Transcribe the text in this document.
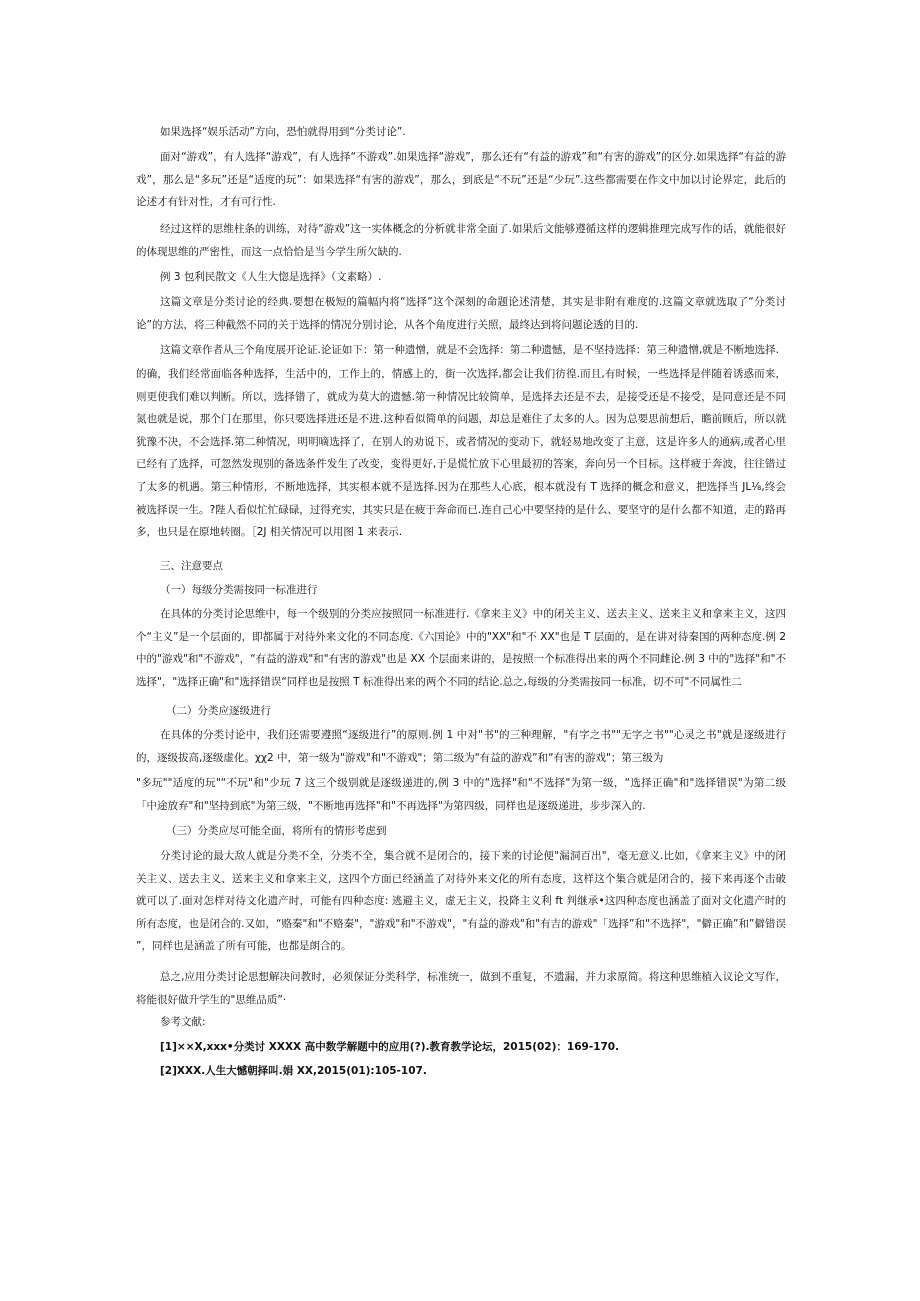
如果选择“娱乐活动”方向，恐怕就得用到“分类讨论”.

面对“游戏”，有人选择“游戏”，有人选择“不游戏”.如果选择“游戏”，那么还有“有益的游戏”和“有害的游戏”的区分.如果选择“有益的游戏”，那么是“多玩”还是“适度的玩”：如果选择“有害的游戏”，那么，到底是“不玩”还是“少玩”.这些都需要在作文中加以讨论界定，此后的论述才有针对性，才有可行性.

经过这样的思维柱条的训练，对待“游戏”这一实体概念的分析就非常全面了.如果后文能够遵循这样的逻辑推理完成写作的话，就能很好的体现思维的严密性，而这一点恰恰是当今学生所欠缺的.

例 3 包利民散文《人生大惚是选择》（文素略）.

这篇文章是分类讨论的经典.要想在极短的篇幅内将“选择”这个深刻的命题论述清楚，其实是非附有难度的.这篇文章就选取了“分类讨论”的方法，将三种截然不同的关于选择的情况分别讨论，从各个角度进行关照，最终达到将问题论透的目的.

这篇文章作者从三个角度展开论证.论证如下：第一种遗憎，就是不会选择：第二种遗憾，是不坚持选择：第三种遗憎,就是不断地选择.

的确，我们经常面临各种选择，生活中的，工作上的，情感上的，街一次选择,都会让我们彷徨.而且,有时候，一些选择是伴随着诱惑而来，则更使我们难以判断。所以，选择错了，就成为莫大的遗憾.第一种情况比较简单，是选择去还是不去，是接受还是不接受，是同意还是不同氮也就是说，那个门在那里，你只要选择进还是不进.这种看似简单的问题，却总是难住了太多的人。因为总要思前想后，瞻前顾后，所以就犹豫不决，不会选择.第二种情况，明明嘀选择了，在别人的劝说下，或者情况的变动下，就轻易地改变了主意，这是许多人的通病,或者心里已经有了选择，可忽然发现别的备选条件发生了改变，变得更好,于是慌忙放下心里最初的答案，奔向另一个目标。这样疲于奔波，往往错过了太多的机遇。第三种情形，不断地选择，其实根本就不是选择.因为在那些人心底，根本就没有 T 选择的概念和意义，把选择当 JL⅛,终会被选择误一生。?陛人看似忙忙碌碌，过得充实，其实只是在疲于奔命而已.连自己心中要坚持的是什么、要坚守的是什么都不知道，走的路再多，也只是在原地转圈。［2J 相关情况可以用图 1 来表示.

三、注意要点

（一）每级分类需按同一标准进行

在具体的分类讨论思维中，每一个级别的分类应按照同一标准进行.《拿来主义》中的闭关主义、送去主义、送来主义和拿来主义，这四个“主义”是一个层面的，即都属于对待外来文化的不同态度.《六国论》中的"XX"和"不 XX"也是 T 层面的，是在讲对待秦国的两种态度.例 2 中的"游戏"和"不游戏"，“有益的游戏"和"有害的游戏"也是 XX 个层面来讲的，是按照一个标准得出来的两个不同雌论.例 3 中的"选择"和"不选择"，"选择正确"和"选择错误“同样也是按照 T 标准得出来的两个不同的结论.总之,每级的分类需按同一标准，切不可"不同属性二

（二）分类应逐级进行

在具体的分类讨论中，我们还需要遵照“逐级进行”的原则.例 1 中对"书"的三种理解，"有字之书""无字之书""心灵之书"就是逐级进行的，逐级拔高,逐级虚化。χχ2 中，第一级为"游戏"和"不游戏"；第二级为"有益的游戏”和“有害的游戏"；第三级为

"多玩""适度的玩"“不玩"和"少玩 7 这三个级别就是逐级递进的,例 3 中的“选择"和"不选择"为第一级，“选择正确"和"选择错误"为第二级「中途放弃"和"坚持到底"为第三级，"不断地再选择"和"不再选择"为第四级，同样也是逐级递进，步步深入的.

（三）分类应尽可能全面，将所有的情形考虑到

分类讨论的最大敌人就是分类不全，分类不全，集合就不是闭合的，接下来的讨论便"漏洞百出"，毫无意义.比如，《拿来主义》中的闭关主义、送去主义、送来主义和拿来主义，这四个方面已经涵盖了对待外来文化的所有态度，这样这个集合就是闭合的，接下来再逐个击破就可以了.面对怎样对待文化遗产时，可能有四种态度: 逃避主义，虚无主义，投降主义利 ft 判继承•这四种态度也涵盖了面对文化遗产时的所有态度，也是闭合的.又如，“赂秦"和"不赂秦"，"游戏"和"不游戏"，"有益的游戏"和"有吉的游戏"「选择”和"不选择"，"僻正确”和”僻错误 ”，同样也是涵盖了所有可能，也都是朗合的。

总之,应用分类讨论思想解决问教时，必须保证分类科学，标准统一，做到不重复，不遗漏，并力求原简。将这种思维植入议论文写作，将能很好做升学生的"思维品质”·

参考文献:

[1]××X,xxx•分类讨 XXXX 高中数学解题中的应用(?).教育教学论坛，2015(02)：169-170.

[2]XXX.人生大憾朝择叫.娟 XX,2015(01):105-107.
